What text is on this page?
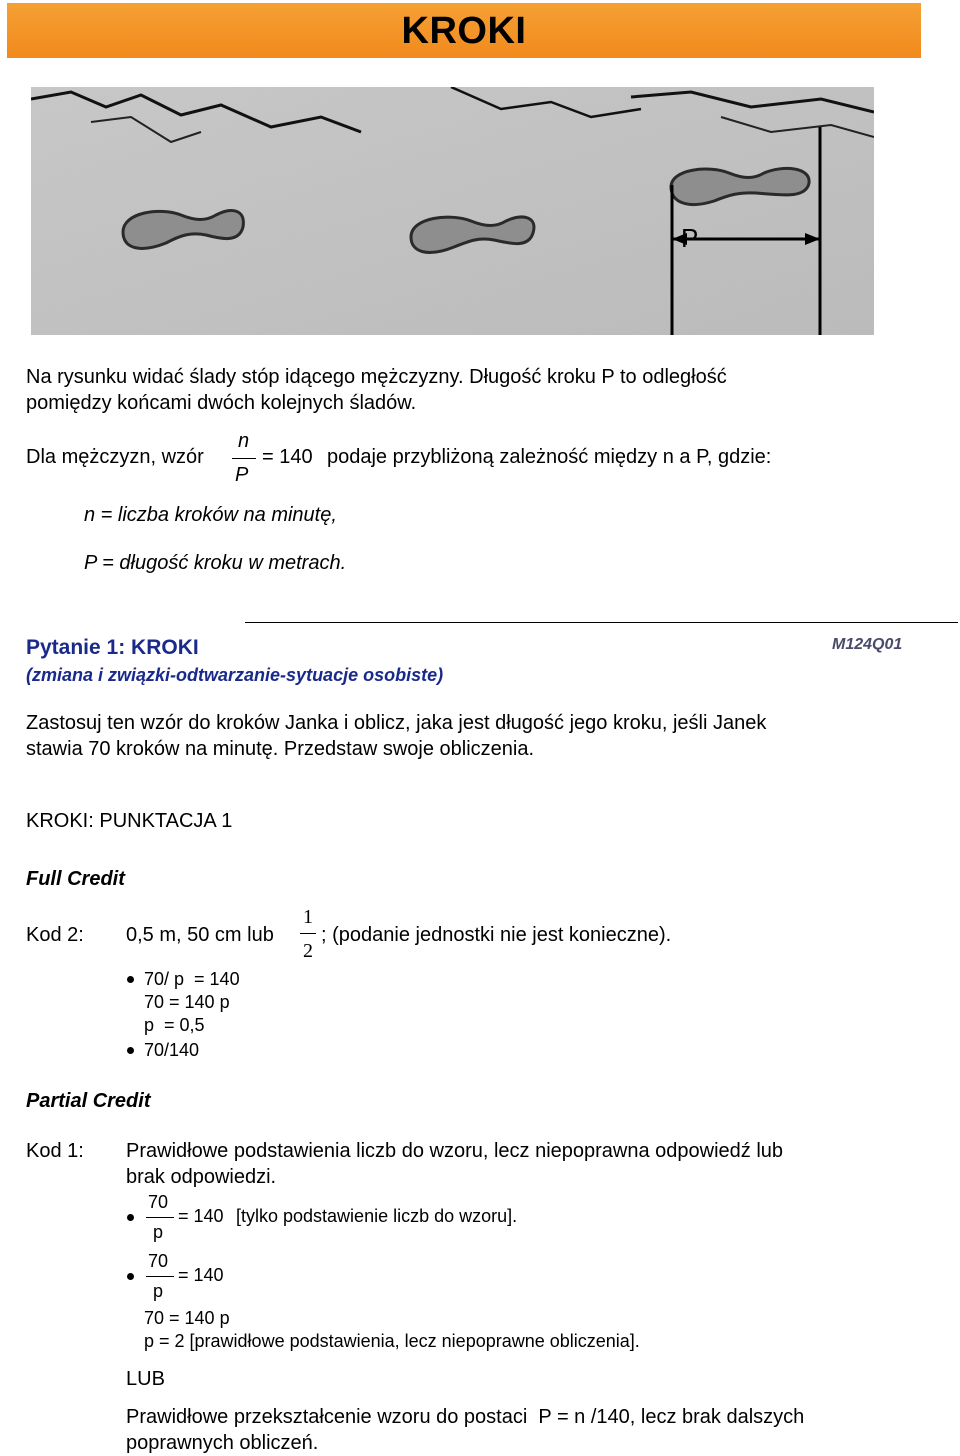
KROKI
P
Na rysunku widać ślady stóp idącego mężczyzny. Długość kroku P to odległość
pomiędzy końcami dwóch kolejnych śladów.
Dla mężczyzn, wzór
n
P
= 140 podaje przybliżoną zależność między n a P, gdzie:
n = liczba kroków na minutę,
P = długość kroku w metrach.
Pytanie 1: KROKI	M124Q01
(zmiana i związki-odtwarzanie-sytuacje osobiste)
Zastosuj ten wzór do kroków Janka i oblicz, jaka jest długość jego kroku, jeśli Janek
stawia 70 kroków na minutę. Przedstaw swoje obliczenia.
KROKI: PUNKTACJA 1
Full Credit
Kod 2: 0,5 m, 50 cm lub
1
2
; (podanie jednostki nie jest konieczne).
70/ p  = 140
70 = 140 p
p  = 0,5
70/140
Partial Credit
Kod 1: Prawidłowe podstawienia liczb do wzoru, lecz niepoprawna odpowiedź lub
brak odpowiedzi.
70
p
= 140 [tylko podstawienie liczb do wzoru].
70
p
= 140
70 = 140 p
p = 2 [prawidłowe podstawienia, lecz niepoprawne obliczenia].
LUB
Prawidłowe przekształcenie wzoru do postaci  P = n /140, lecz brak dalszych
poprawnych obliczeń.
